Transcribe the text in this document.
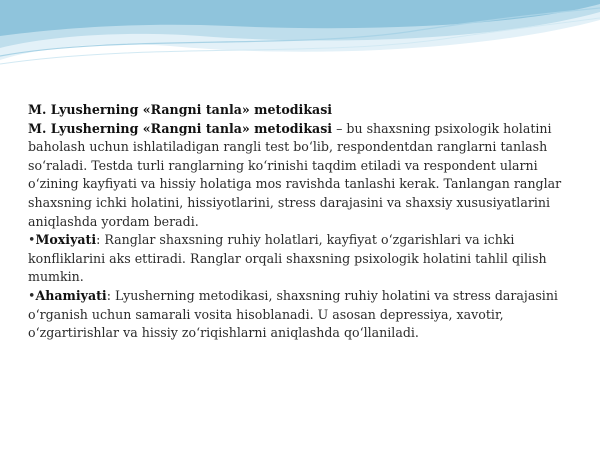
M. Lyusherning «Rangni tanla» metodikasi

M. Lyusherning «Rangni tanla» metodikasi – bu shaxsning psixologik holatini baholash uchun ishlatiladigan rangli test bo‘lib, respondentdan ranglarni tanlash so‘raladi. Testda turli ranglarning ko‘rinishi taqdim etiladi va respondent ularni o‘zining kayfiyati va hissiy holatiga mos ravishda tanlashi kerak. Tanlangan ranglar shaxsning ichki holatini, hissiyotlarini, stress darajasini va shaxsiy xususiyatlarini aniqlashda yordam beradi.

•Moxiyati: Ranglar shaxsning ruhiy holatlari, kayfiyat o‘zgarishlari va ichki konfliklarini aks ettiradi. Ranglar orqali shaxsning psixologik holatini tahlil qilish mumkin.

•Ahamiyati: Lyusherning metodikasi, shaxsning ruhiy holatini va stress darajasini o‘rganish uchun samarali vosita hisoblanadi. U asosan depressiya, xavotir, o‘zgartirishlar va hissiy zo‘riqishlarni aniqlashda qo‘llaniladi.
